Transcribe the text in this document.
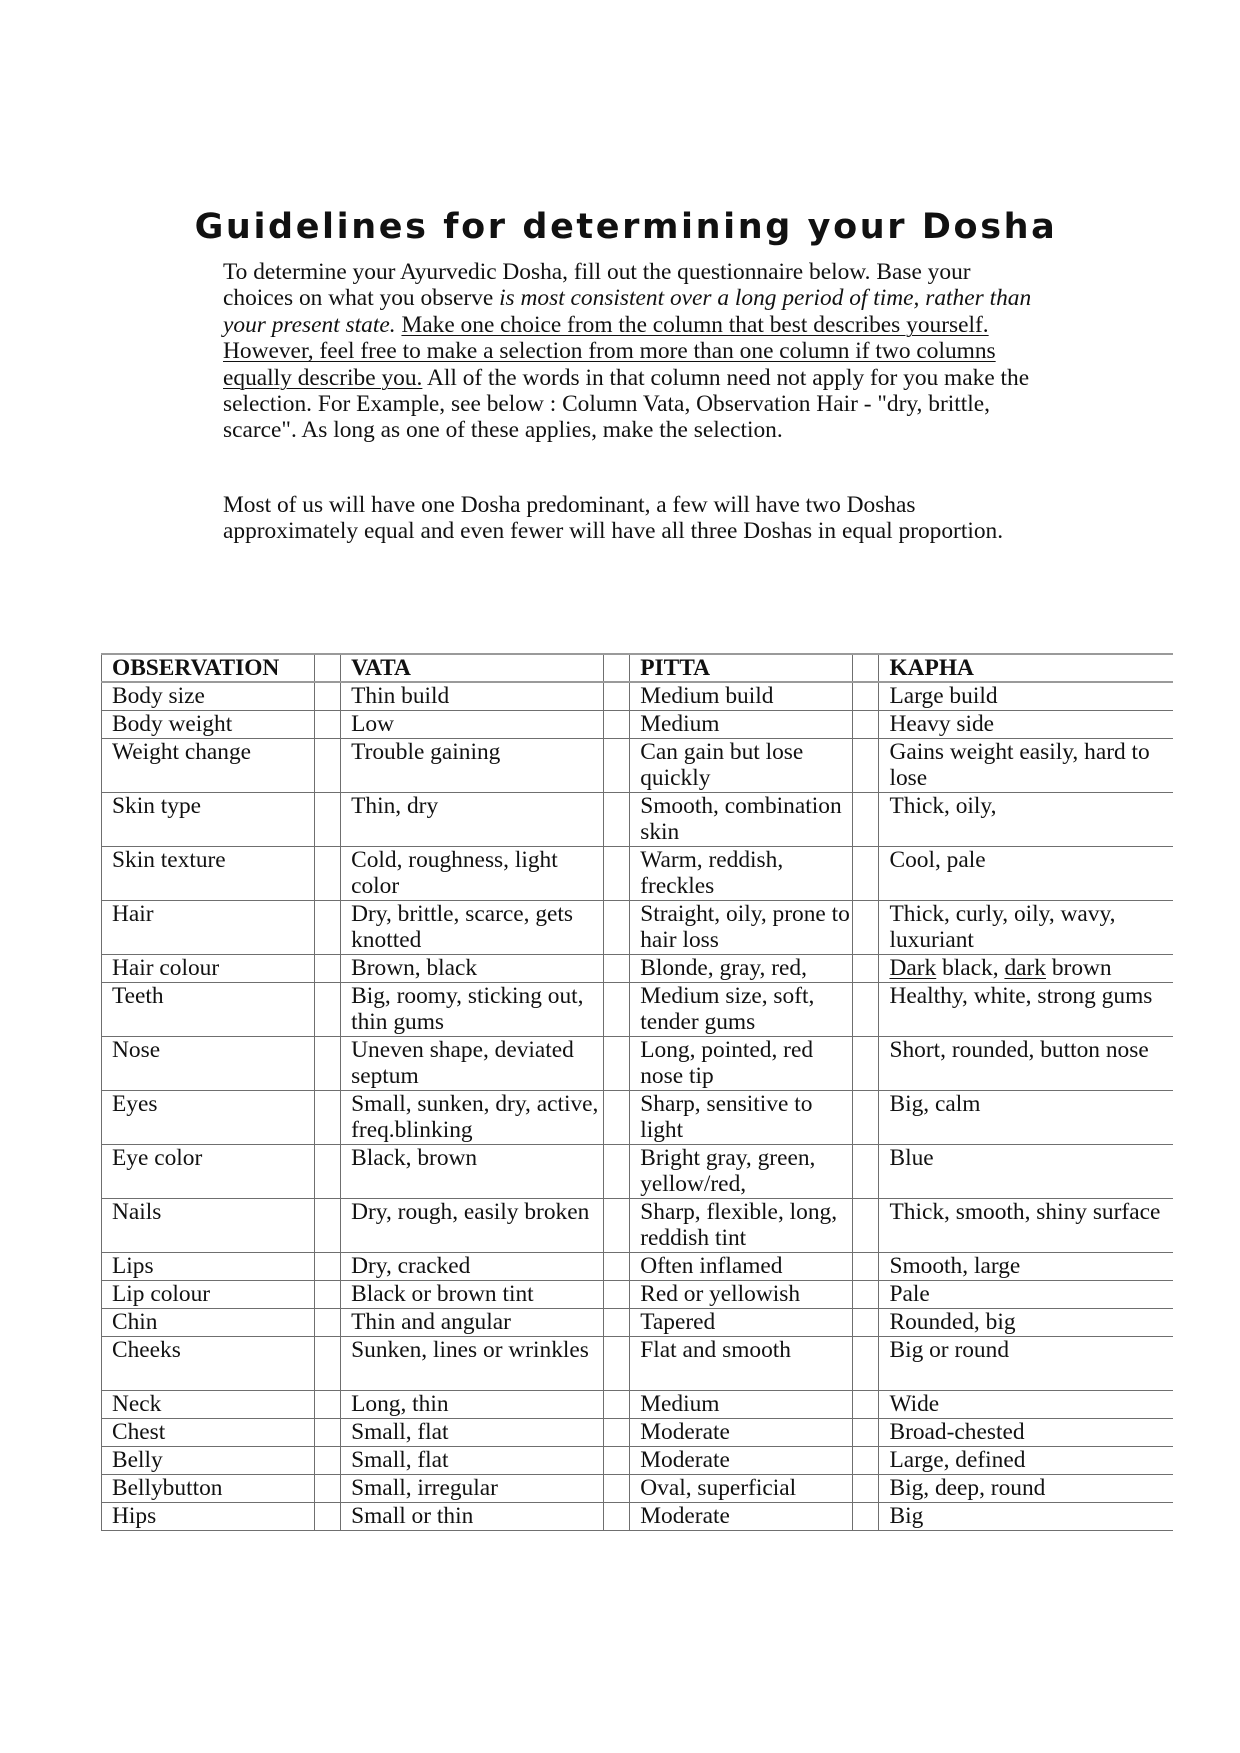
Guidelines for determining your Dosha

To determine your Ayurvedic Dosha, fill out the questionnaire below. Base your choices on what you observe is most consistent over a long period of time, rather than your present state. Make one choice from the column that best describes yourself. However, feel free to make a selection from more than one column if two columns equally describe you. All of the words in that column need not apply for you make the selection. For Example, see below : Column Vata, Observation Hair - "dry, brittle, scarce". As long as one of these applies, make the selection.

Most of us will have one Dosha predominant, a few will have two Doshas approximately equal and even fewer will have all three Doshas in equal proportion.

OBSERVATION		VATA		PITTA		KAPHA
Body size		Thin build		Medium build		Large build
Body weight		Low		Medium		Heavy side
Weight change		Trouble gaining		Can gain but lose quickly		Gains weight easily, hard to lose
Skin type		Thin, dry		Smooth, combination skin		Thick, oily,
Skin texture		Cold, roughness, light color		Warm, reddish, freckles		Cool, pale
Hair		Dry, brittle, scarce, gets knotted		Straight, oily, prone to hair loss		Thick, curly, oily, wavy, luxuriant
Hair colour		Brown, black		Blonde, gray, red,		Dark black, dark brown
Teeth		Big, roomy, sticking out, thin gums		Medium size, soft, tender gums		Healthy, white, strong gums
Nose		Uneven shape, deviated septum		Long, pointed, red nose tip		Short, rounded, button nose
Eyes		Small, sunken, dry, active, freq.blinking		Sharp, sensitive to light		Big, calm
Eye color		Black, brown		Bright gray, green, yellow/red,		Blue
Nails		Dry, rough, easily broken		Sharp, flexible, long, reddish tint		Thick, smooth, shiny surface
Lips		Dry, cracked		Often inflamed		Smooth, large
Lip colour		Black or brown tint		Red or yellowish		Pale
Chin		Thin and angular		Tapered		Rounded, big
Cheeks		Sunken, lines or wrinkles		Flat and smooth		Big or round
Neck		Long, thin		Medium		Wide
Chest		Small, flat		Moderate		Broad-chested
Belly		Small, flat		Moderate		Large, defined
Bellybutton		Small, irregular		Oval, superficial		Big, deep, round
Hips		Small or thin		Moderate		Big
